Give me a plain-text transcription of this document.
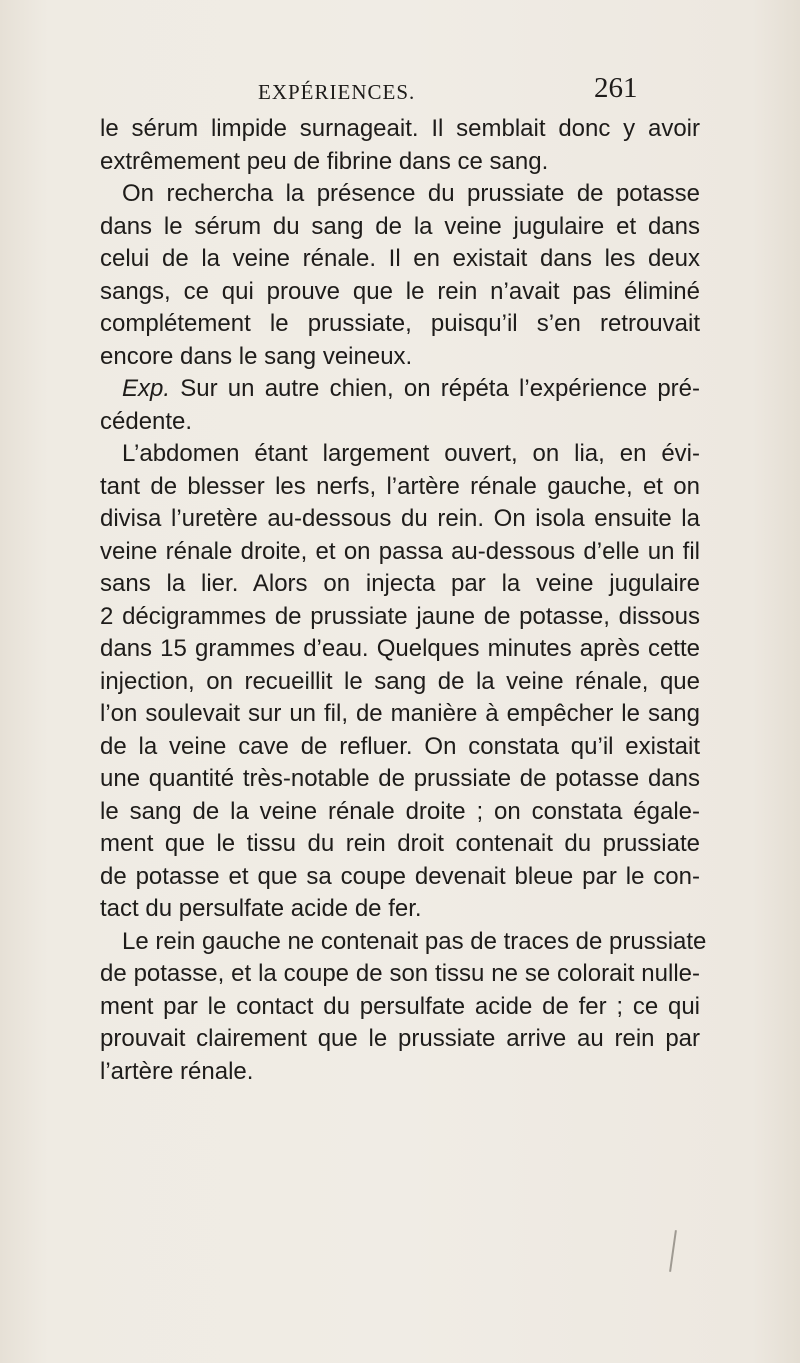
EXPÉRIENCES.	261
le sérum limpide surnageait. Il semblait donc y avoir
extrêmement peu de fibrine dans ce sang.
On rechercha la présence du prussiate de potasse
dans le sérum du sang de la veine jugulaire et dans
celui de la veine rénale. Il en existait dans les deux
sangs, ce qui prouve que le rein n’avait pas éliminé
complétement le prussiate, puisqu’il s’en retrouvait
encore dans le sang veineux.
Exp. Sur un autre chien, on répéta l’expérience pré-
cédente.
L’abdomen étant largement ouvert, on lia, en évi-
tant de blesser les nerfs, l’artère rénale gauche, et on
divisa l’uretère au-dessous du rein. On isola ensuite la
veine rénale droite, et on passa au-dessous d’elle un fil
sans la lier. Alors on injecta par la veine jugulaire
2 décigrammes de prussiate jaune de potasse, dissous
dans 15 grammes d’eau. Quelques minutes après cette
injection, on recueillit le sang de la veine rénale, que
l’on soulevait sur un fil, de manière à empêcher le sang
de la veine cave de refluer. On constata qu’il existait
une quantité très-notable de prussiate de potasse dans
le sang de la veine rénale droite ; on constata égale-
ment que le tissu du rein droit contenait du prussiate
de potasse et que sa coupe devenait bleue par le con-
tact du persulfate acide de fer.
Le rein gauche ne contenait pas de traces de prussiate
de potasse, et la coupe de son tissu ne se colorait nulle-
ment par le contact du persulfate acide de fer ; ce qui
prouvait clairement que le prussiate arrive au rein par
l’artère rénale.
